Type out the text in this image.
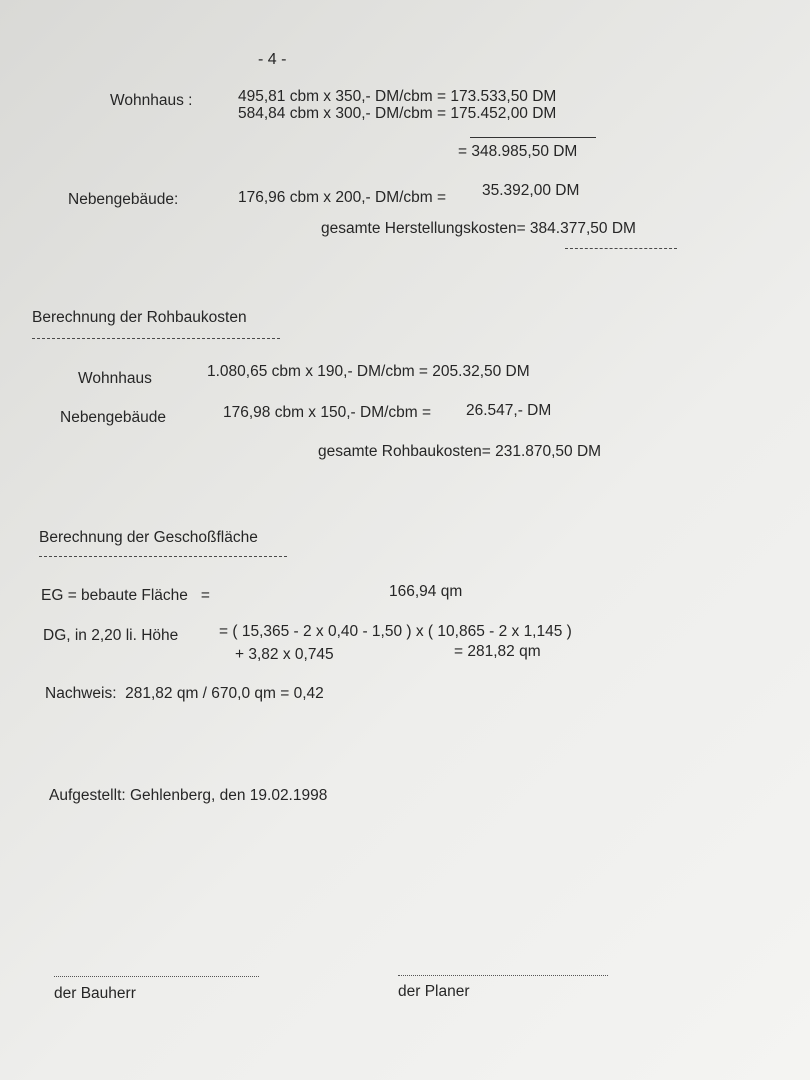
- 4 -
Wohnhaus :	495,81 cbm x 350,- DM/cbm = 173.533,50 DM
584,84 cbm x 300,- DM/cbm = 175.452,00 DM
= 348.985,50 DM
Nebengebäude:	176,96 cbm x 200,- DM/cbm = 35.392,00 DM
gesamte Herstellungskosten= 384.377,50 DM
Berechnung der Rohbaukosten
Wohnhaus	1.080,65 cbm x 190,- DM/cbm = 205.32,50 DM
Nebengebäude	176,98 cbm x 150,- DM/cbm = 26.547,- DM
gesamte Rohbaukosten= 231.870,50 DM
Berechnung der Geschoßfläche
EG = bebaute Fläche   =	166,94 qm
DG, in 2,20 li. Höhe	= ( 15,365 - 2 x 0,40 - 1,50 ) x ( 10,865 - 2 x 1,145 )
+ 3,82 x 0,745	= 281,82 qm
Nachweis:  281,82 qm / 670,0 qm = 0,42
Aufgestellt: Gehlenberg, den 19.02.1998
der Bauherr	der Planer
